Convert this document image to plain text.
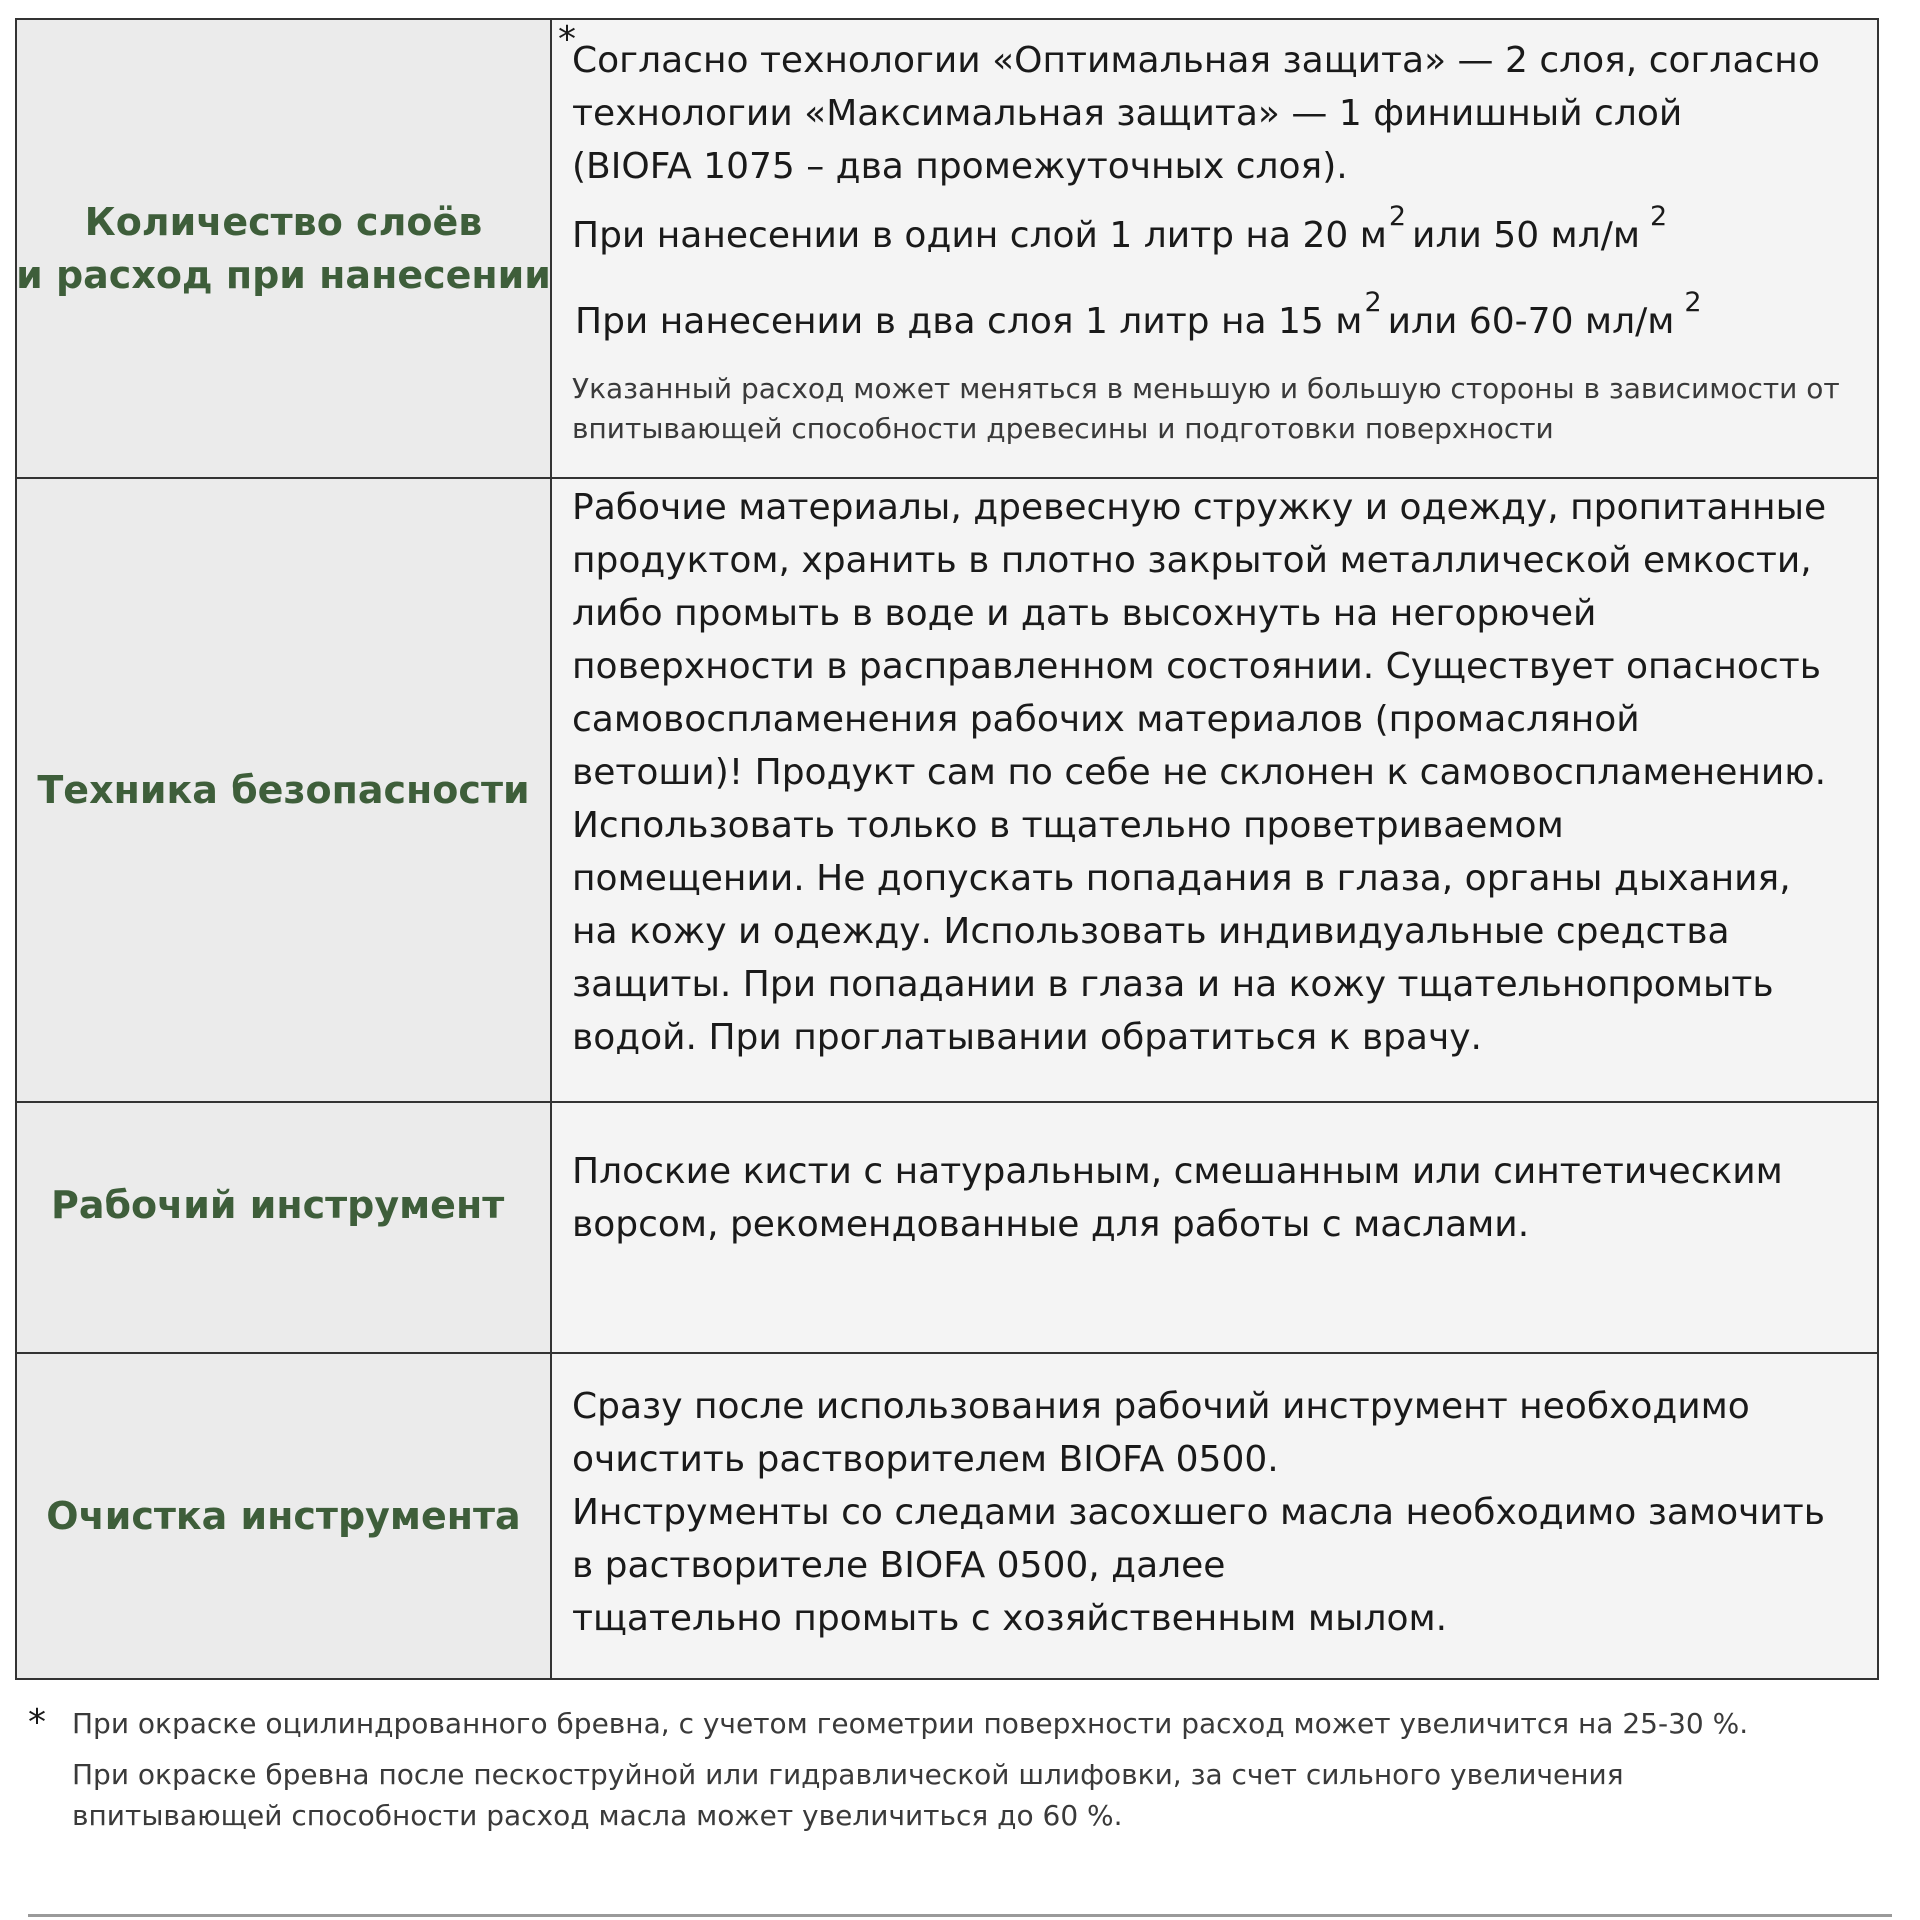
Количество слоёв
и расход при нанесении
*

Согласно технологии «Оптимальная защита» — 2 слоя, согласно

технологии «Максимальная защита» — 1 финишный слой

(BIOFA 1075 – два промежуточных слоя).

При нанесении в один слой 1 литр на 20 $м^2$ или 50 мл/м $^2$

При нанесении в два слоя 1 литр на 15 $м^2$ или 60-70 мл/м $^2$

Указанный расход может меняться в меньшую и большую стороны в зависимости от
впитывающей способности древесины и подготовки поверхности
Техника безопасности

Рабочие материалы, древесную стружку и одежду, пропитанные

продуктом, хранить в плотно закрытой металлической емкости,

либо промыть в воде и дать высохнуть на негорючей

поверхности в расправленном состоянии. Существует опасность

самовоспламенения рабочих материалов (промасляной

ветоши)! Продукт сам по себе не склонен к самовоспламенению.

Использовать только в тщательно проветриваемом

помещении. Не допускать попадания в глаза, органы дыхания,

на кожу и одежду. Использовать индивидуальные средства

защиты. При попадании в глаза и на кожу тщательнопромыть

водой. При проглатывании обратиться к врачу.

Рабочий инструмент

Плоские кисти с натуральным, смешанным или синтетическим

ворсом, рекомендованные для работы с маслами.

Очистка инструмента

Сразу после использования рабочий инструмент необходимо

очистить растворителем BIOFA 0500.

Инструменты со следами засохшего масла необходимо замочить

в растворителе BIOFA 0500, далее

тщательно промыть с хозяйственным мылом.

* При окраске оцилиндрованного бревна, с учетом геометрии поверхности расход может увеличится на 25-30 %.

При окраске бревна после пескоструйной или гидравлической шлифовки, за счет сильного увеличения

впитывающей способности расход масла может увеличиться до 60 %.
